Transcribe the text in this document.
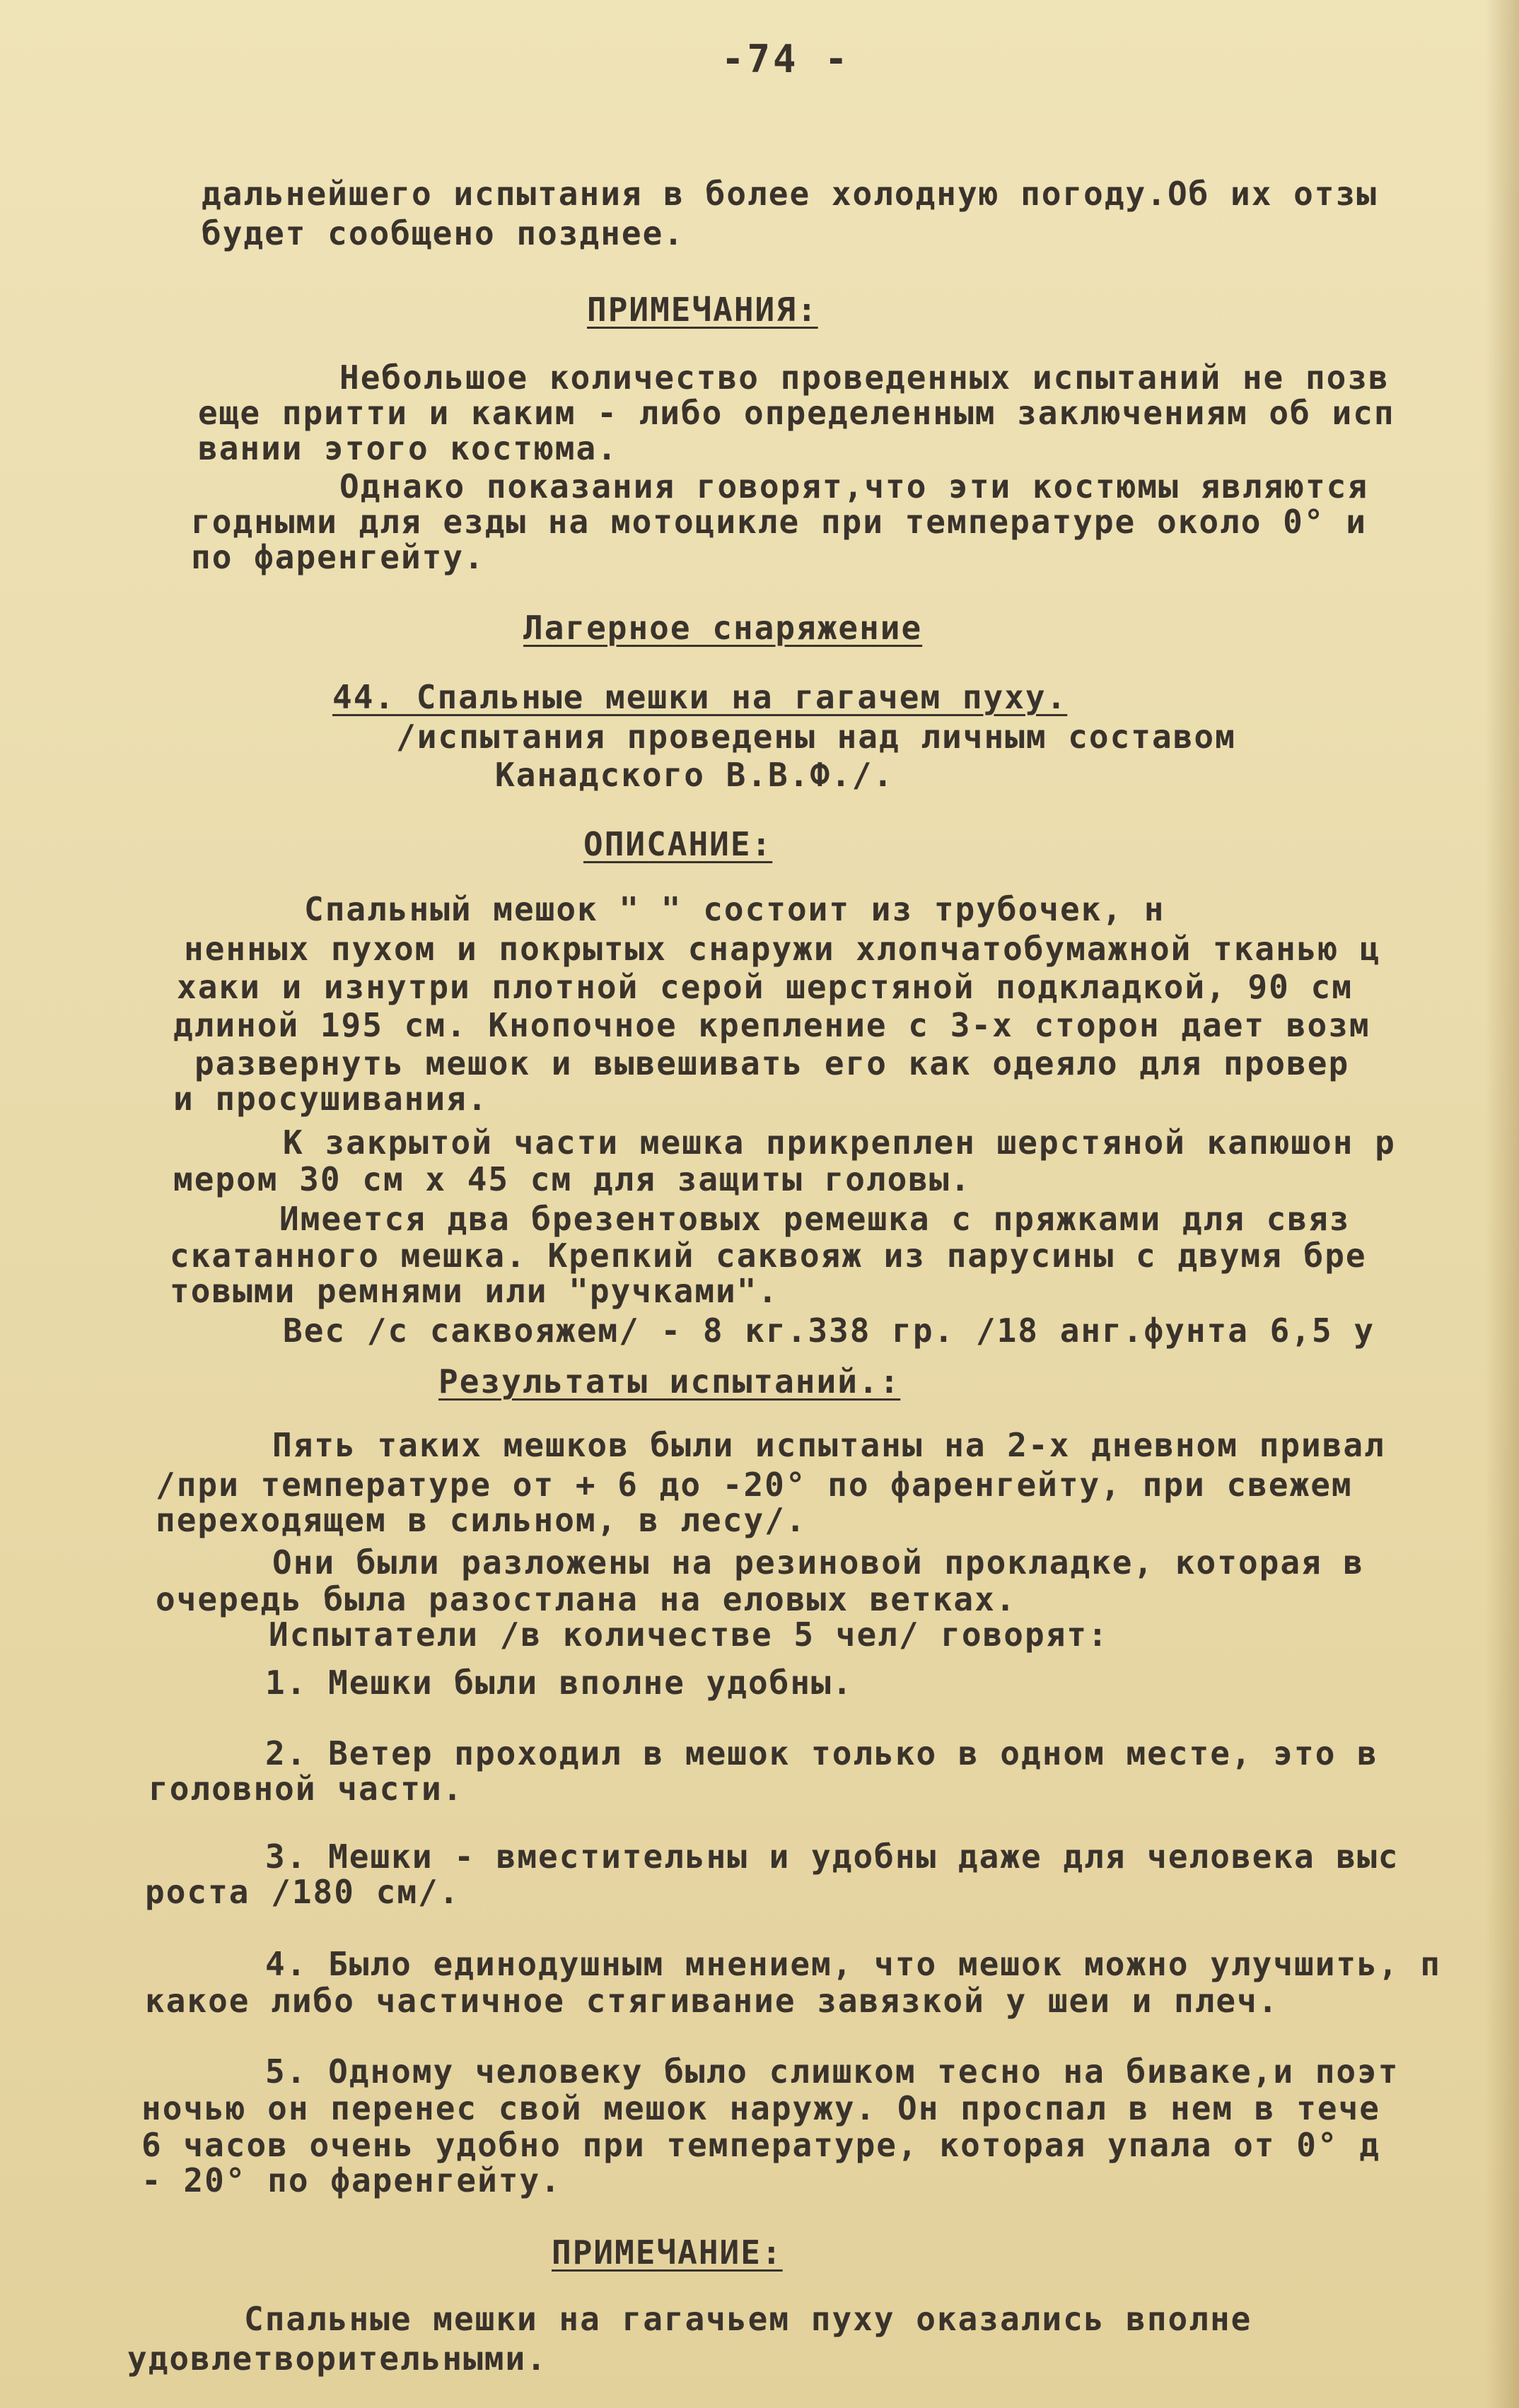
-74 -
дальнейшего испытания в более холодную погоду.Об их отзы
будет сообщено позднее.
ПРИМЕЧАНИЯ:
Небольшое количество проведенных испытаний не позв
еще притти и каким - либо определенным заключениям об исп
вании этого костюма.
Однако показания говорят,что эти костюмы являются
годными для езды на мотоцикле при температуре около 0° и
по фаренгейту.
Лагерное снаряжение
44. Спальные мешки на гагачем пуху.
/испытания проведены над личным составом
Канадского В.В.Ф./.
ОПИСАНИЕ:
Спальный мешок " " состоит из трубочек, н
ненных пухом и покрытых снаружи хлопчатобумажной тканью ц
хаки и изнутри плотной серой шерстяной подкладкой, 90 см
длиной 195 см. Кнопочное крепление с 3-х сторон дает возм
развернуть мешок и вывешивать его как одеяло для провер
и просушивания.
К закрытой части мешка прикреплен шерстяной капюшон р
мером 30 см х 45 см для защиты головы.
Имеется два брезентовых ремешка с пряжками для связ
скатанного мешка. Крепкий саквояж из парусины с двумя бре
товыми ремнями или "ручками".
Вес /с саквояжем/ - 8 кг.338 гр. /18 анг.фунта 6,5 у
Результаты испытаний.:
Пять таких мешков были испытаны на 2-х дневном привал
/при температуре от + 6 до -20° по фаренгейту, при свежем
переходящем в сильном, в лесу/.
Они были разложены на резиновой прокладке, которая в
очередь была разостлана на еловых ветках.
Испытатели /в количестве 5 чел/ говорят:
1. Мешки были вполне удобны.
2. Ветер проходил в мешок только в одном месте, это в
головной части.
3. Мешки - вместительны и удобны даже для человека выс
роста /180 см/.
4. Было единодушным мнением, что мешок можно улучшить, п
какое либо частичное стягивание завязкой у шеи и плеч.
5. Одному человеку было слишком тесно на биваке,и поэт
ночью он перенес свой мешок наружу. Он проспал в нем в тече
6 часов очень удобно при температуре, которая упала от 0° д
- 20° по фаренгейту.
ПРИМЕЧАНИЕ:
Спальные мешки на гагачьем пуху оказались вполне
удовлетворительными.
